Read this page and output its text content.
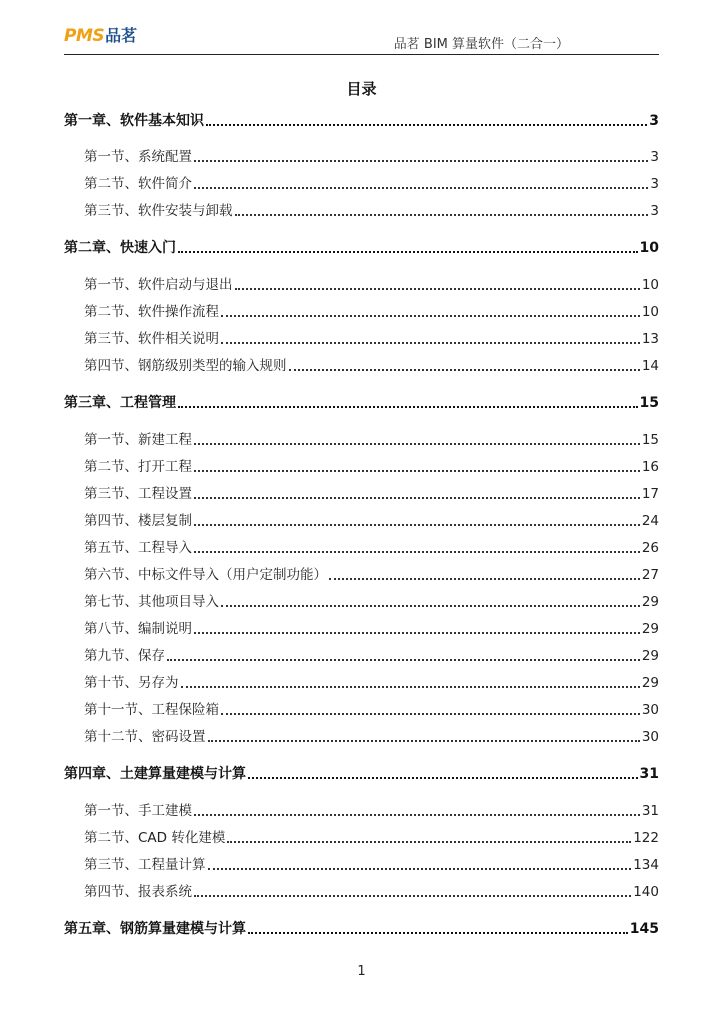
PMS 品茗	品茗 BIM 算量软件（二合一）
目录
第一章、软件基本知识	3
第一节、系统配置	3
第二节、软件简介	3
第三节、软件安装与卸载	3
第二章、快速入门	10
第一节、软件启动与退出	10
第二节、软件操作流程	10
第三节、软件相关说明	13
第四节、钢筋级别类型的输入规则	14
第三章、工程管理	15
第一节、新建工程	15
第二节、打开工程	16
第三节、工程设置	17
第四节、楼层复制	24
第五节、工程导入	26
第六节、中标文件导入（用户定制功能）	27
第七节、其他项目导入	29
第八节、编制说明	29
第九节、保存	29
第十节、另存为	29
第十一节、工程保险箱	30
第十二节、密码设置	30
第四章、土建算量建模与计算	31
第一节、手工建模	31
第二节、CAD 转化建模	122
第三节、工程量计算	134
第四节、报表系统	140
第五章、钢筋算量建模与计算	145
1
